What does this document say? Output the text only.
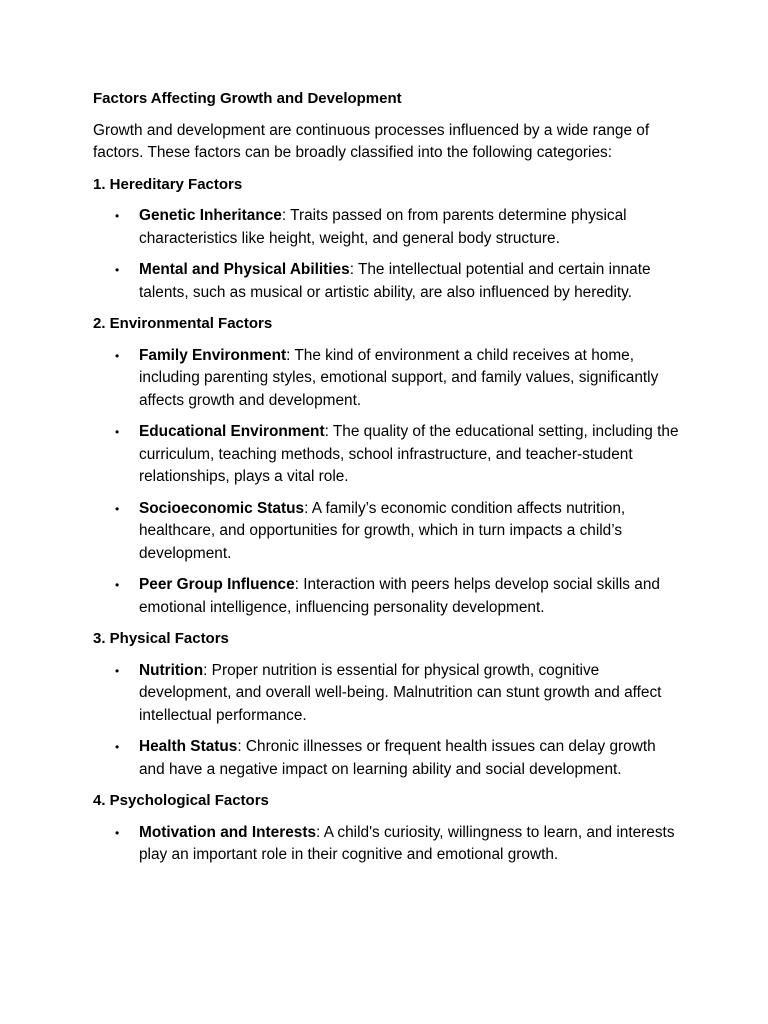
Factors Affecting Growth and Development
Growth and development are continuous processes influenced by a wide range of factors. These factors can be broadly classified into the following categories:
1. Hereditary Factors
• Genetic Inheritance: Traits passed on from parents determine physical characteristics like height, weight, and general body structure.
• Mental and Physical Abilities: The intellectual potential and certain innate talents, such as musical or artistic ability, are also influenced by heredity.
2. Environmental Factors
• Family Environment: The kind of environment a child receives at home, including parenting styles, emotional support, and family values, significantly affects growth and development.
• Educational Environment: The quality of the educational setting, including the curriculum, teaching methods, school infrastructure, and teacher-student relationships, plays a vital role.
• Socioeconomic Status: A family’s economic condition affects nutrition, healthcare, and opportunities for growth, which in turn impacts a child’s development.
• Peer Group Influence: Interaction with peers helps develop social skills and emotional intelligence, influencing personality development.
3. Physical Factors
• Nutrition: Proper nutrition is essential for physical growth, cognitive development, and overall well-being. Malnutrition can stunt growth and affect intellectual performance.
• Health Status: Chronic illnesses or frequent health issues can delay growth and have a negative impact on learning ability and social development.
4. Psychological Factors
• Motivation and Interests: A child's curiosity, willingness to learn, and interests play an important role in their cognitive and emotional growth.
